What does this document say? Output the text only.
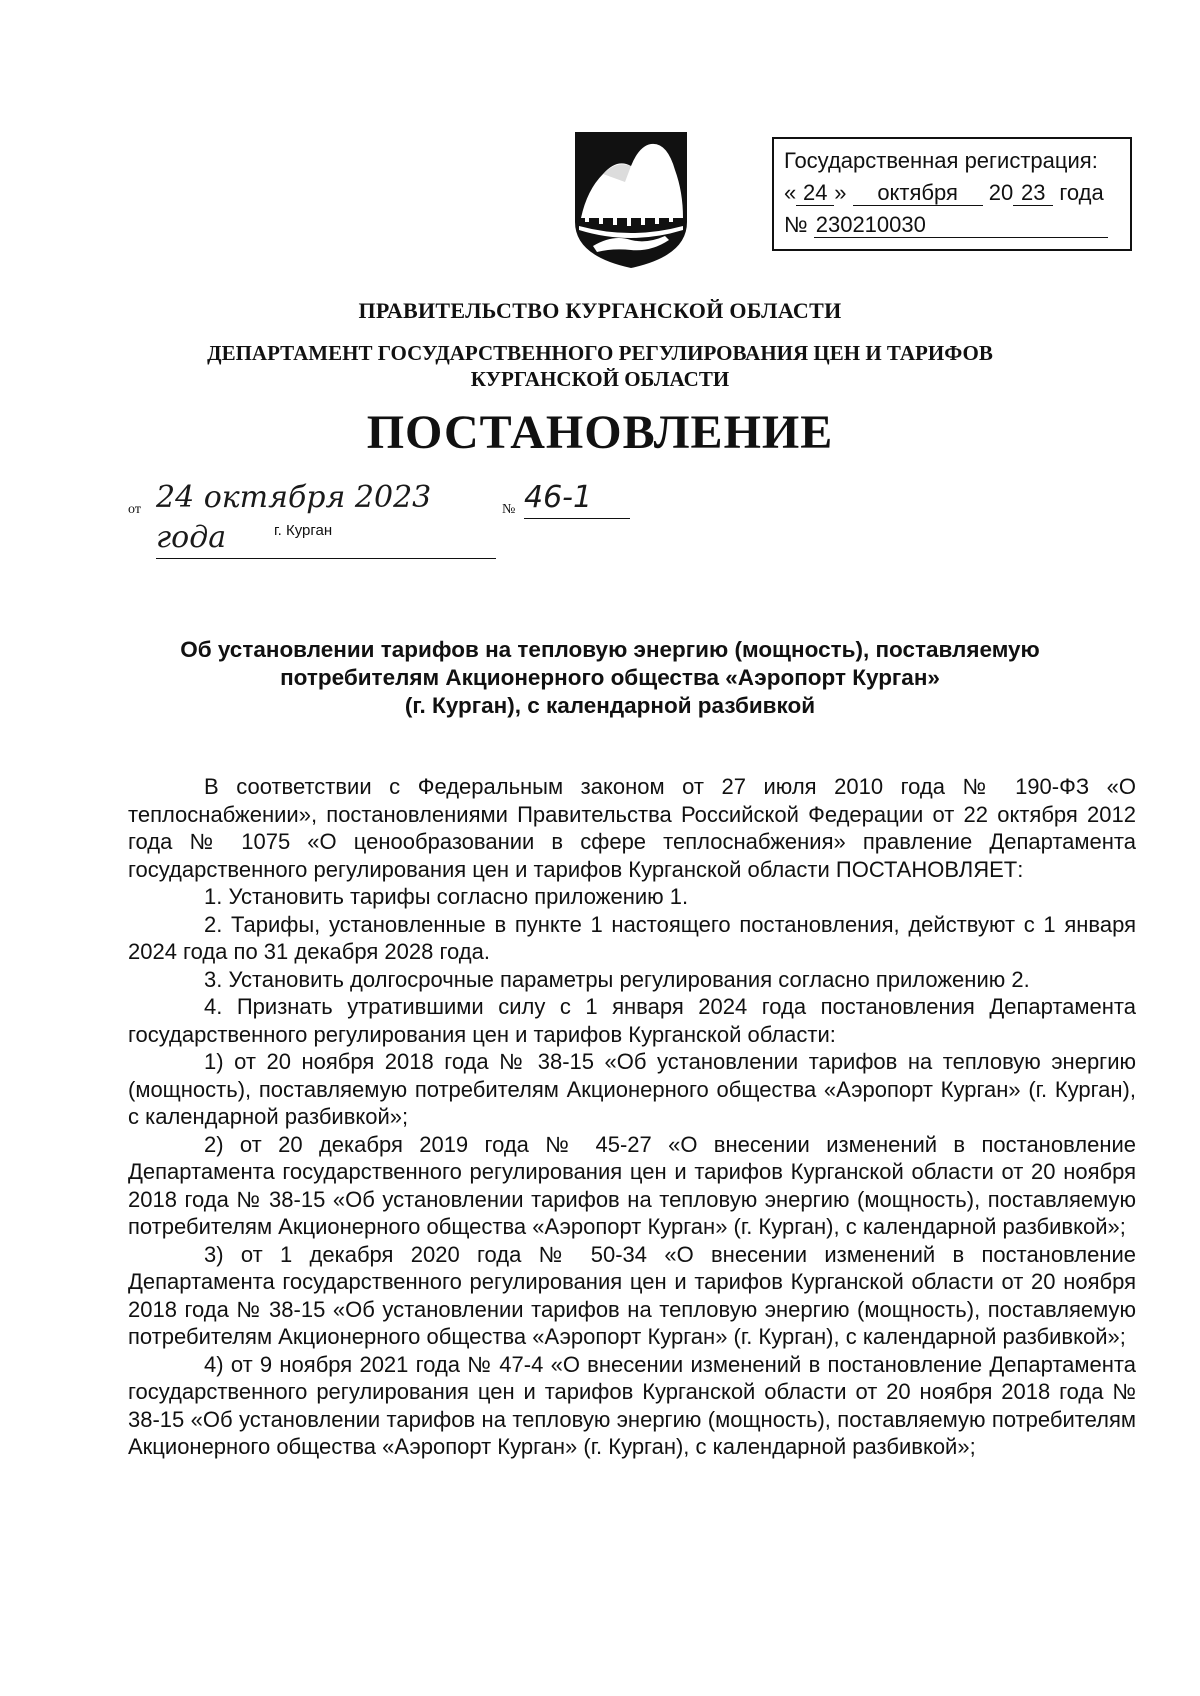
Государственная регистрация:
« 24 » октября 20 23 года
№ 230210030
ПРАВИТЕЛЬСТВО КУРГАНСКОЙ ОБЛАСТИ
ДЕПАРТАМЕНТ ГОСУДАРСТВЕННОГО РЕГУЛИРОВАНИЯ ЦЕН И ТАРИФОВ
КУРГАНСКОЙ ОБЛАСТИ
ПОСТАНОВЛЕНИЕ
от 24 октября 2023 года
№ 46-1
г. Курган
Об установлении тарифов на тепловую энергию (мощность), поставляемую
потребителям Акционерного общества «Аэропорт Курган»
(г. Курган), с календарной разбивкой

В соответствии с Федеральным законом от 27 июля 2010 года № 190-ФЗ «О теплоснабжении», постановлениями Правительства Российской Федерации от 22 октября 2012 года № 1075 «О ценообразовании в сфере теплоснабжения» правление Департамента государственного регулирования цен и тарифов Курганской области ПОСТАНОВЛЯЕТ:

1. Установить тарифы согласно приложению 1.

2. Тарифы, установленные в пункте 1 настоящего постановления, действуют с 1 января 2024 года по 31 декабря 2028 года.

3. Установить долгосрочные параметры регулирования согласно приложению 2.

4. Признать утратившими силу с 1 января 2024 года постановления Департамента государственного регулирования цен и тарифов Курганской области:

1) от 20 ноября 2018 года № 38-15 «Об установлении тарифов на тепловую энергию (мощность), поставляемую потребителям Акционерного общества «Аэропорт Курган» (г. Курган), с календарной разбивкой»;

2) от 20 декабря 2019 года № 45-27 «О внесении изменений в постановление Департамента государственного регулирования цен и тарифов Курганской области от 20 ноября 2018 года № 38-15 «Об установлении тарифов на тепловую энергию (мощность), поставляемую потребителям Акционерного общества «Аэропорт Курган» (г. Курган), с календарной разбивкой»;

3) от 1 декабря 2020 года № 50-34 «О внесении изменений в постановление Департамента государственного регулирования цен и тарифов Курганской области от 20 ноября 2018 года № 38-15 «Об установлении тарифов на тепловую энергию (мощность), поставляемую потребителям Акционерного общества «Аэропорт Курган» (г. Курган), с календарной разбивкой»;

4) от 9 ноября 2021 года № 47-4 «О внесении изменений в постановление Департамента государственного регулирования цен и тарифов Курганской области от 20 ноября 2018 года № 38-15 «Об установлении тарифов на тепловую энергию (мощность), поставляемую потребителям Акционерного общества «Аэропорт Курган» (г. Курган), с календарной разбивкой»;
